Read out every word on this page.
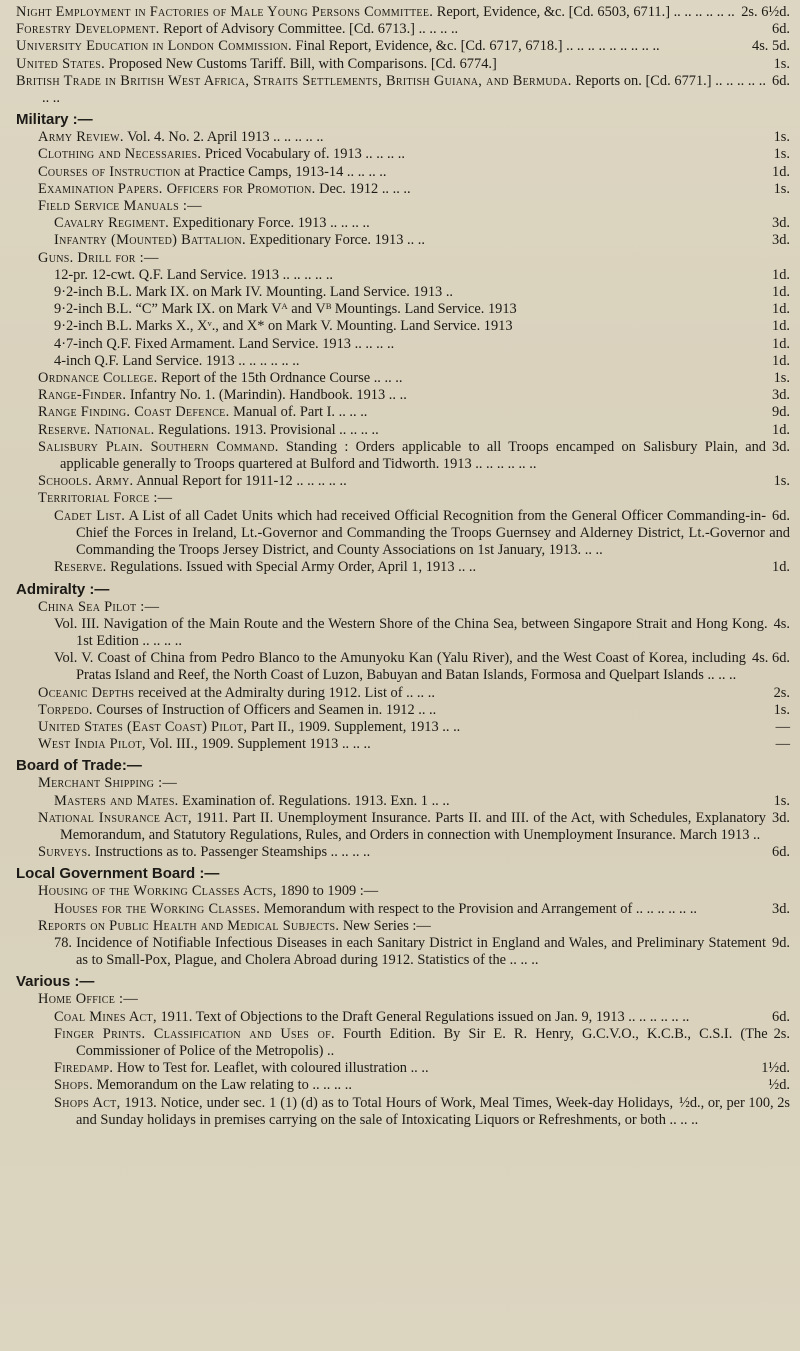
2s. 6½d.
Night Employment in Factories of Male Young Persons Committee. Report, Evidence, &c. [Cd. 6503, 6711.] .. .. .. .. .. ..

6d.
Forestry Development. Report of Advisory Committee. [Cd. 6713.] .. .. .. ..

4s. 5d.
University Education in London Commission. Final Report, Evidence, &c. [Cd. 6717, 6718.] .. .. .. .. .. .. .. .. ..

1s.
United States. Proposed New Customs Tariff. Bill, with Comparisons. [Cd. 6774.]

6d.
British Trade in British West Africa, Straits Settlements, British Guiana, and Bermuda. Reports on. [Cd. 6771.] .. .. .. .. .. .. ..

Military :—

1s.
Army Review. Vol. 4. No. 2. April 1913 .. .. .. .. ..

1s.
Clothing and Necessaries. Priced Vocabulary of. 1913 .. .. .. ..

1d.
Courses of Instruction at Practice Camps, 1913-14 .. .. .. ..

1s.
Examination Papers. Officers for Promotion. Dec. 1912 .. .. ..

Field Service Manuals :—

3d.
Cavalry Regiment. Expeditionary Force. 1913 .. .. .. ..

3d.
Infantry (Mounted) Battalion. Expeditionary Force. 1913 .. ..

Guns. Drill for :—

1d.
12-pr. 12-cwt. Q.F. Land Service. 1913 .. .. .. .. ..

1d.
9·2-inch B.L. Mark IX. on Mark IV. Mounting. Land Service. 1913 ..

1d.
9·2-inch B.L. “C” Mark IX. on Mark Vᴬ and Vᴮ Mountings. Land Service. 1913

1d.
9·2-inch B.L. Marks X., Xᵛ., and X* on Mark V. Mounting. Land Service. 1913

1d.
4·7-inch Q.F. Fixed Armament. Land Service. 1913 .. .. .. ..

1d.
4-inch Q.F. Land Service. 1913 .. .. .. .. .. ..

1s.
Ordnance College. Report of the 15th Ordnance Course .. .. ..

3d.
Range-Finder. Infantry No. 1. (Marindin). Handbook. 1913 .. ..

9d.
Range Finding. Coast Defence. Manual of. Part I. .. .. ..

1d.
Reserve. National. Regulations. 1913. Provisional .. .. .. ..

3d.
Salisbury Plain. Southern Command. Standing : Orders applicable to all Troops encamped on Salisbury Plain, and applicable generally to Troops quartered at Bulford and Tidworth. 1913 .. .. .. .. .. ..

1s.
Schools. Army. Annual Report for 1911-12 .. .. .. .. ..

Territorial Force :—

6d.
Cadet List. A List of all Cadet Units which had received Official Recognition from the General Officer Commanding-in-Chief the Forces in Ireland, Lt.-Governor and Commanding the Troops Guernsey and Alderney District, Lt.-Governor and Commanding the Troops Jersey District, and County Associations on 1st January, 1913. .. ..

1d.
Reserve. Regulations. Issued with Special Army Order, April 1, 1913 .. ..

Admiralty :—

China Sea Pilot :—

4s.
Vol. III. Navigation of the Main Route and the Western Shore of the China Sea, between Singapore Strait and Hong Kong. 1st Edition .. .. .. ..

4s. 6d.
Vol. V. Coast of China from Pedro Blanco to the Amunyoku Kan (Yalu River), and the West Coast of Korea, including Pratas Island and Reef, the North Coast of Luzon, Babuyan and Batan Islands, Formosa and Quelpart Islands .. .. ..

2s.
Oceanic Depths received at the Admiralty during 1912. List of .. .. ..

1s.
Torpedo. Courses of Instruction of Officers and Seamen in. 1912 .. ..

—
United States (East Coast) Pilot, Part II., 1909. Supplement, 1913 .. ..

—
West India Pilot, Vol. III., 1909. Supplement 1913 .. .. ..

Board of Trade:—

Merchant Shipping :—

1s.
Masters and Mates. Examination of. Regulations. 1913. Exn. 1 .. ..

3d.
National Insurance Act, 1911. Part II. Unemployment Insurance. Parts II. and III. of the Act, with Schedules, Explanatory Memorandum, and Statutory Regulations, Rules, and Orders in connection with Unemployment Insurance. March 1913 ..

6d.
Surveys. Instructions as to. Passenger Steamships .. .. .. ..

Local Government Board :—

Housing of the Working Classes Acts, 1890 to 1909 :—

3d.
Houses for the Working Classes. Memorandum with respect to the Provision and Arrangement of .. .. .. .. .. ..

Reports on Public Health and Medical Subjects. New Series :—

9d.
78. Incidence of Notifiable Infectious Diseases in each Sanitary District in England and Wales, and Preliminary Statement as to Small-Pox, Plague, and Cholera Abroad during 1912. Statistics of the .. .. ..

Various :—

Home Office :—

6d.
Coal Mines Act, 1911. Text of Objections to the Draft General Regulations issued on Jan. 9, 1913 .. .. .. .. .. ..

2s.
Finger Prints. Classification and Uses of. Fourth Edition. By Sir E. R. Henry, G.C.V.O., K.C.B., C.S.I. (The Commissioner of Police of the Metropolis) ..

1½d.
Firedamp. How to Test for. Leaflet, with coloured illustration .. ..

½d.
Shops. Memorandum on the Law relating to .. .. .. ..

½d., or, per 100, 2s
Shops Act, 1913. Notice, under sec. 1 (1) (d) as to Total Hours of Work, Meal Times, Week-day Holidays, and Sunday holidays in premises carrying on the sale of Intoxicating Liquors or Refreshments, or both .. .. ..
